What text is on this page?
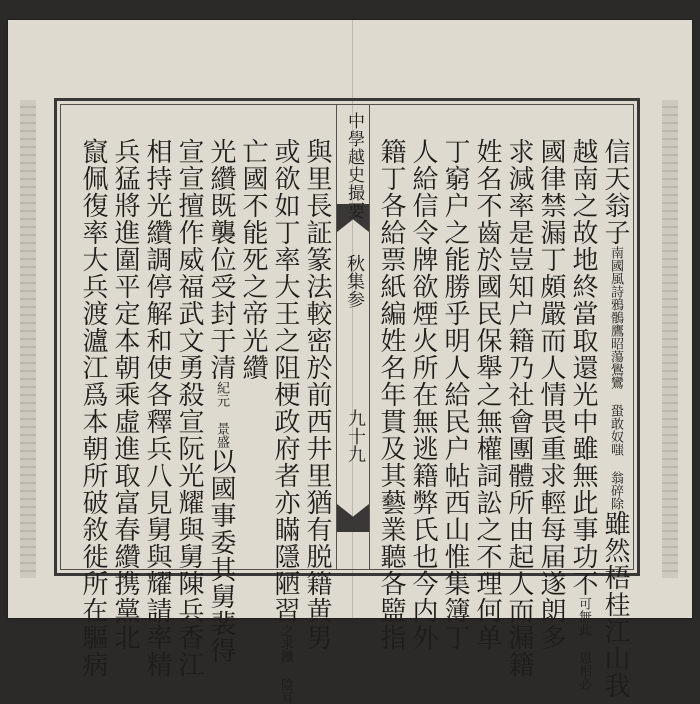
中學越史撮要
秋集参
九十九
信天翁子南國風詩鴉鶻鷹昭蕩鷽鸞 蛩敢奴嗤 翁碎除雖然梧桂江山我
越南之故地終當取還光中雖無此事功不可無此 恩相必
國律禁漏丁頗嚴而人情畏重求輕每届遂朗多
求減率是豈知户籍乃社會團體所由起人而漏籍
姓名不齒於國民保舉之無權詞訟之不理何单
丁窮户之能勝乎明人給民户帖西山惟集簿丁
人給信令牌欲煙火所在無逃籍弊氏也今内外
籍丁各給票紙編姓名年貫及其藝業聽各盬指
與里長証篆法較密於前西井里猶有脱籍黄男
或欲如丁率大王之阻梗政府者亦瞞隱陋習之求鐵 陰耳
亡國不能死之帝光纘
光纘既襲位受封于清紀元 景盛以國事委其舅裴得
宣宣擅作威福武文勇殺宣阮光耀與舅陳兵香江
相持光纘調停解和使各釋兵八見舅與耀請率精
兵猛將進圍平定本朝乘虛進取富春纘携黨北
竄佩復率大兵渡瀘江爲本朝所破敘徙所在驅病
